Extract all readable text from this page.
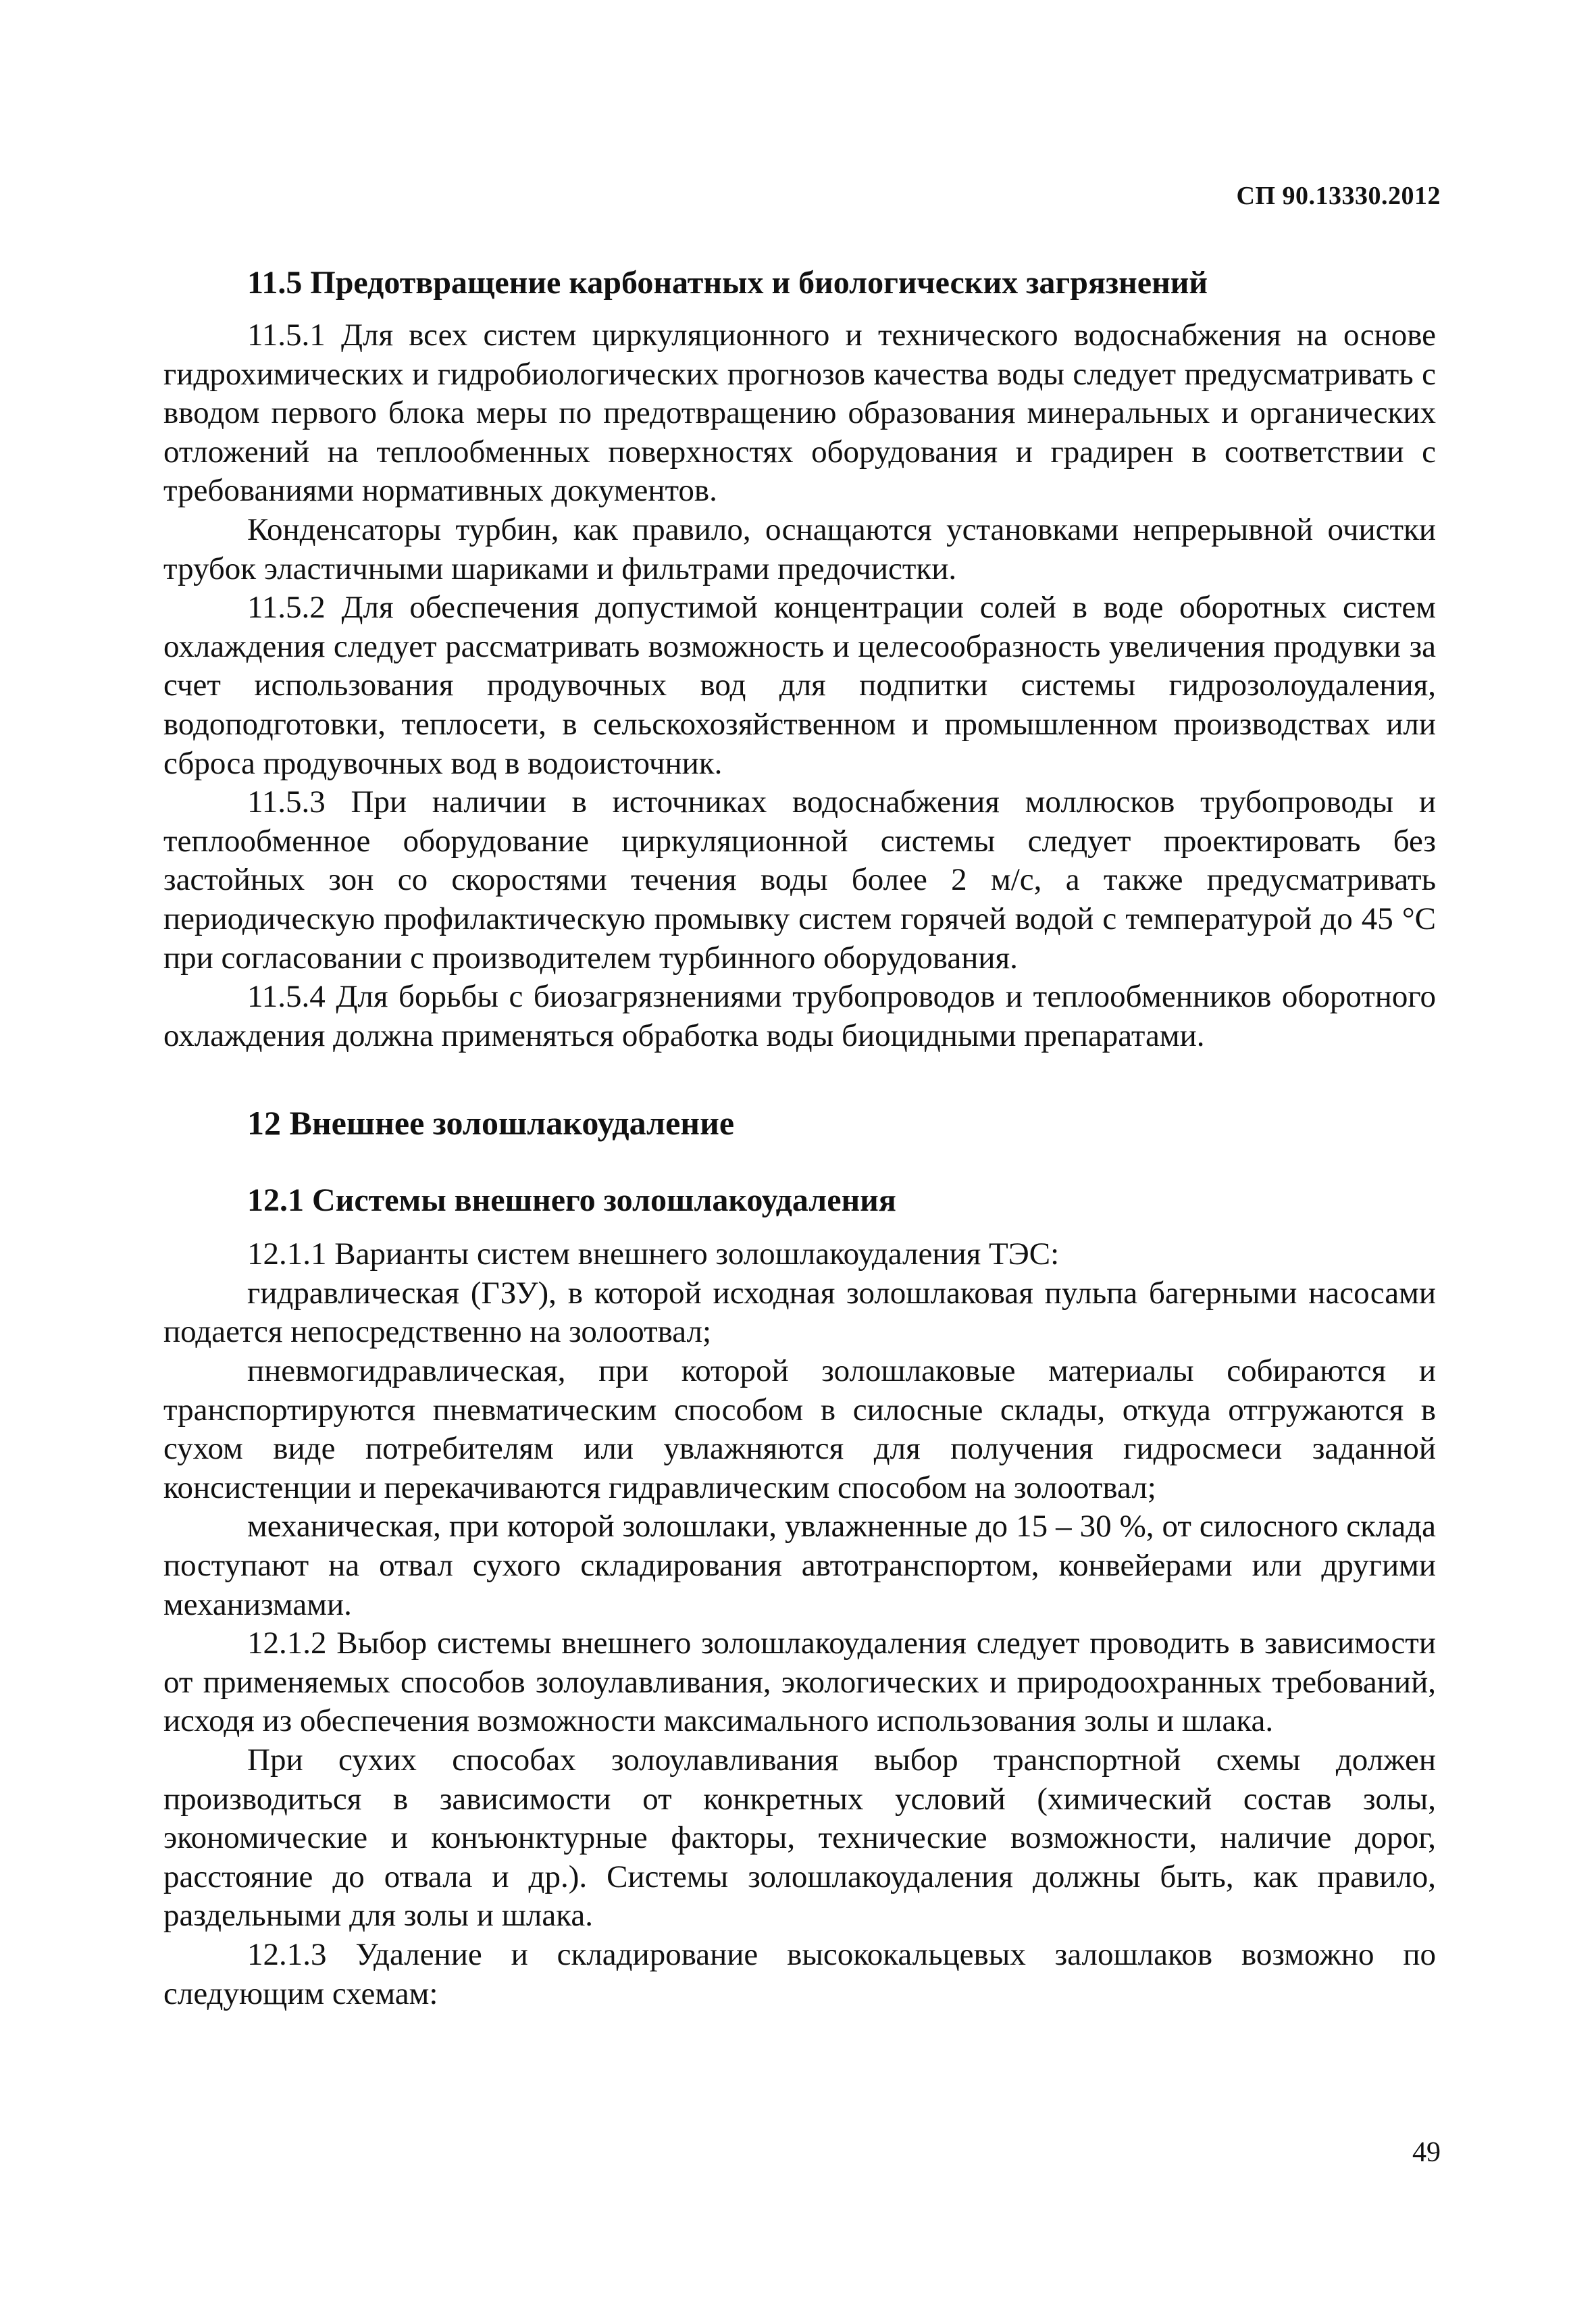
СП 90.13330.2012
11.5 Предотвращение карбонатных и биологических загрязнений

11.5.1 Для всех систем циркуляционного и технического водоснабжения на основе гидрохимических и гидробиологических прогнозов качества воды следует предусматривать с вводом первого блока меры по предотвращению образования минеральных и органических отложений на теплообменных поверхностях оборудования и градирен в соответствии с требованиями нормативных документов.

Конденсаторы турбин, как правило, оснащаются установками непрерывной очистки трубок эластичными шариками и фильтрами предочистки.

11.5.2 Для обеспечения допустимой концентрации солей в воде оборотных систем охлаждения следует рассматривать возможность и целесообразность увеличения продувки за счет использования продувочных вод для подпитки системы гидрозолоудаления, водоподготовки, теплосети, в сельскохозяйственном и промышленном производствах или сброса продувочных вод в водоисточник.

11.5.3 При наличии в источниках водоснабжения моллюсков трубопроводы и теплообменное оборудование циркуляционной системы следует проектировать без застойных зон со скоростями течения воды более 2 м/с, а также предусматривать периодическую профилактическую промывку систем горячей водой с температурой до 45 °С при согласовании с производителем турбинного оборудования.

11.5.4 Для борьбы с биозагрязнениями трубопроводов и теплообменников оборотного охлаждения должна применяться обработка воды биоцидными препаратами.

12 Внешнее золошлакоудаление
12.1 Системы внешнего золошлакоудаления

12.1.1 Варианты систем внешнего золошлакоудаления ТЭС:

гидравлическая (ГЗУ), в которой исходная золошлаковая пульпа багерными насосами подается непосредственно на золоотвал;

пневмогидравлическая, при которой золошлаковые материалы собираются и транспортируются пневматическим способом в силосные склады, откуда отгружаются в сухом виде потребителям или увлажняются для получения гидросмеси заданной консистенции и перекачиваются гидравлическим способом на золоотвал;

механическая, при которой золошлаки, увлажненные до 15 – 30 %, от силосного склада поступают на отвал сухого складирования автотранспортом, конвейерами или другими механизмами.

12.1.2 Выбор системы внешнего золошлакоудаления следует проводить в зависимости от применяемых способов золоулавливания, экологических и природоохранных требований, исходя из обеспечения возможности максимального использования золы и шлака.

При сухих способах золоулавливания выбор транспортной схемы должен производиться в зависимости от конкретных условий (химический состав золы, экономические и конъюнктурные факторы, технические возможности, наличие дорог, расстояние до отвала и др.). Системы золошлакоудаления должны быть, как правило, раздельными для золы и шлака.

12.1.3 Удаление и складирование высококальцевых залошлаков возможно по следующим схемам:

49
